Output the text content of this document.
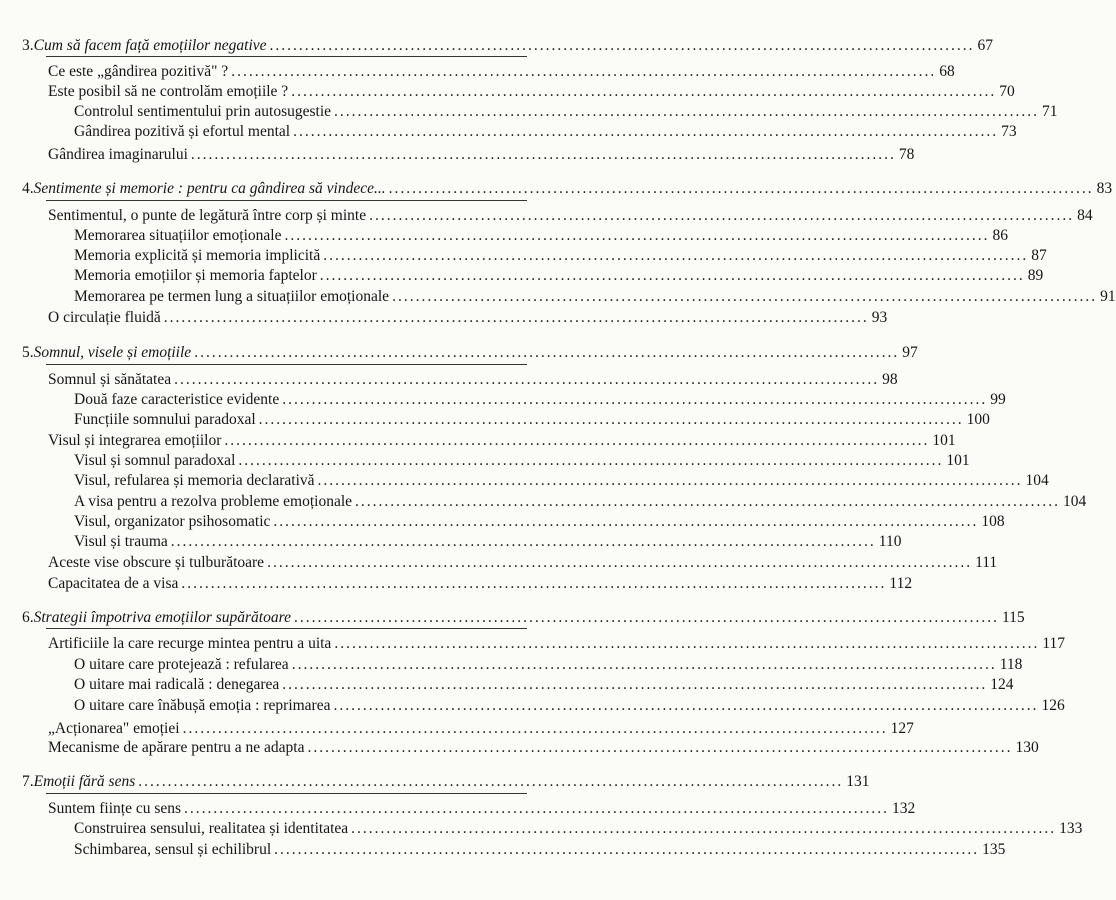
3. Cum să facem față emoțiilor negative ........................................................................................................................ 67
Ce este „gândirea pozitivă" ? ........................................................................................................................ 68
Este posibil să ne controlăm emoțiile ? ........................................................................................................................ 70
Controlul sentimentului prin autosugestie ........................................................................................................................ 71
Gândirea pozitivă și efortul mental ........................................................................................................................ 73
Gândirea imaginarului ........................................................................................................................ 78
4. Sentimente și memorie : pentru ca gândirea să vindece... ........................................................................................................................ 83
Sentimentul, o punte de legătură între corp și minte ........................................................................................................................ 84
Memorarea situațiilor emoționale ........................................................................................................................ 86
Memoria explicită și memoria implicită ........................................................................................................................ 87
Memoria emoțiilor și memoria faptelor ........................................................................................................................ 89
Memorarea pe termen lung a situațiilor emoționale ........................................................................................................................ 91
O circulație fluidă ........................................................................................................................ 93
5. Somnul, visele și emoțiile ........................................................................................................................ 97
Somnul și sănătatea ........................................................................................................................ 98
Două faze caracteristice evidente ........................................................................................................................ 99
Funcțiile somnului paradoxal ........................................................................................................................ 100
Visul și integrarea emoțiilor ........................................................................................................................ 101
Visul și somnul paradoxal ........................................................................................................................ 101
Visul, refularea și memoria declarativă ........................................................................................................................ 104
A visa pentru a rezolva probleme emoționale ........................................................................................................................ 104
Visul, organizator psihosomatic ........................................................................................................................ 108
Visul și trauma ........................................................................................................................ 110
Aceste vise obscure și tulburătoare ........................................................................................................................ 111
Capacitatea de a visa ........................................................................................................................ 112
6. Strategii împotriva emoțiilor supărătoare ........................................................................................................................ 115
Artificiile la care recurge mintea pentru a uita ........................................................................................................................ 117
O uitare care protejează : refularea ........................................................................................................................ 118
O uitare mai radicală : denegarea ........................................................................................................................ 124
O uitare care înăbușă emoția : reprimarea ........................................................................................................................ 126
„Acționarea" emoției ........................................................................................................................ 127
Mecanisme de apărare pentru a ne adapta ........................................................................................................................ 130
7. Emoții fără sens ........................................................................................................................ 131
Suntem ființe cu sens ........................................................................................................................ 132
Construirea sensului, realitatea și identitatea ........................................................................................................................ 133
Schimbarea, sensul și echilibrul ........................................................................................................................ 135
